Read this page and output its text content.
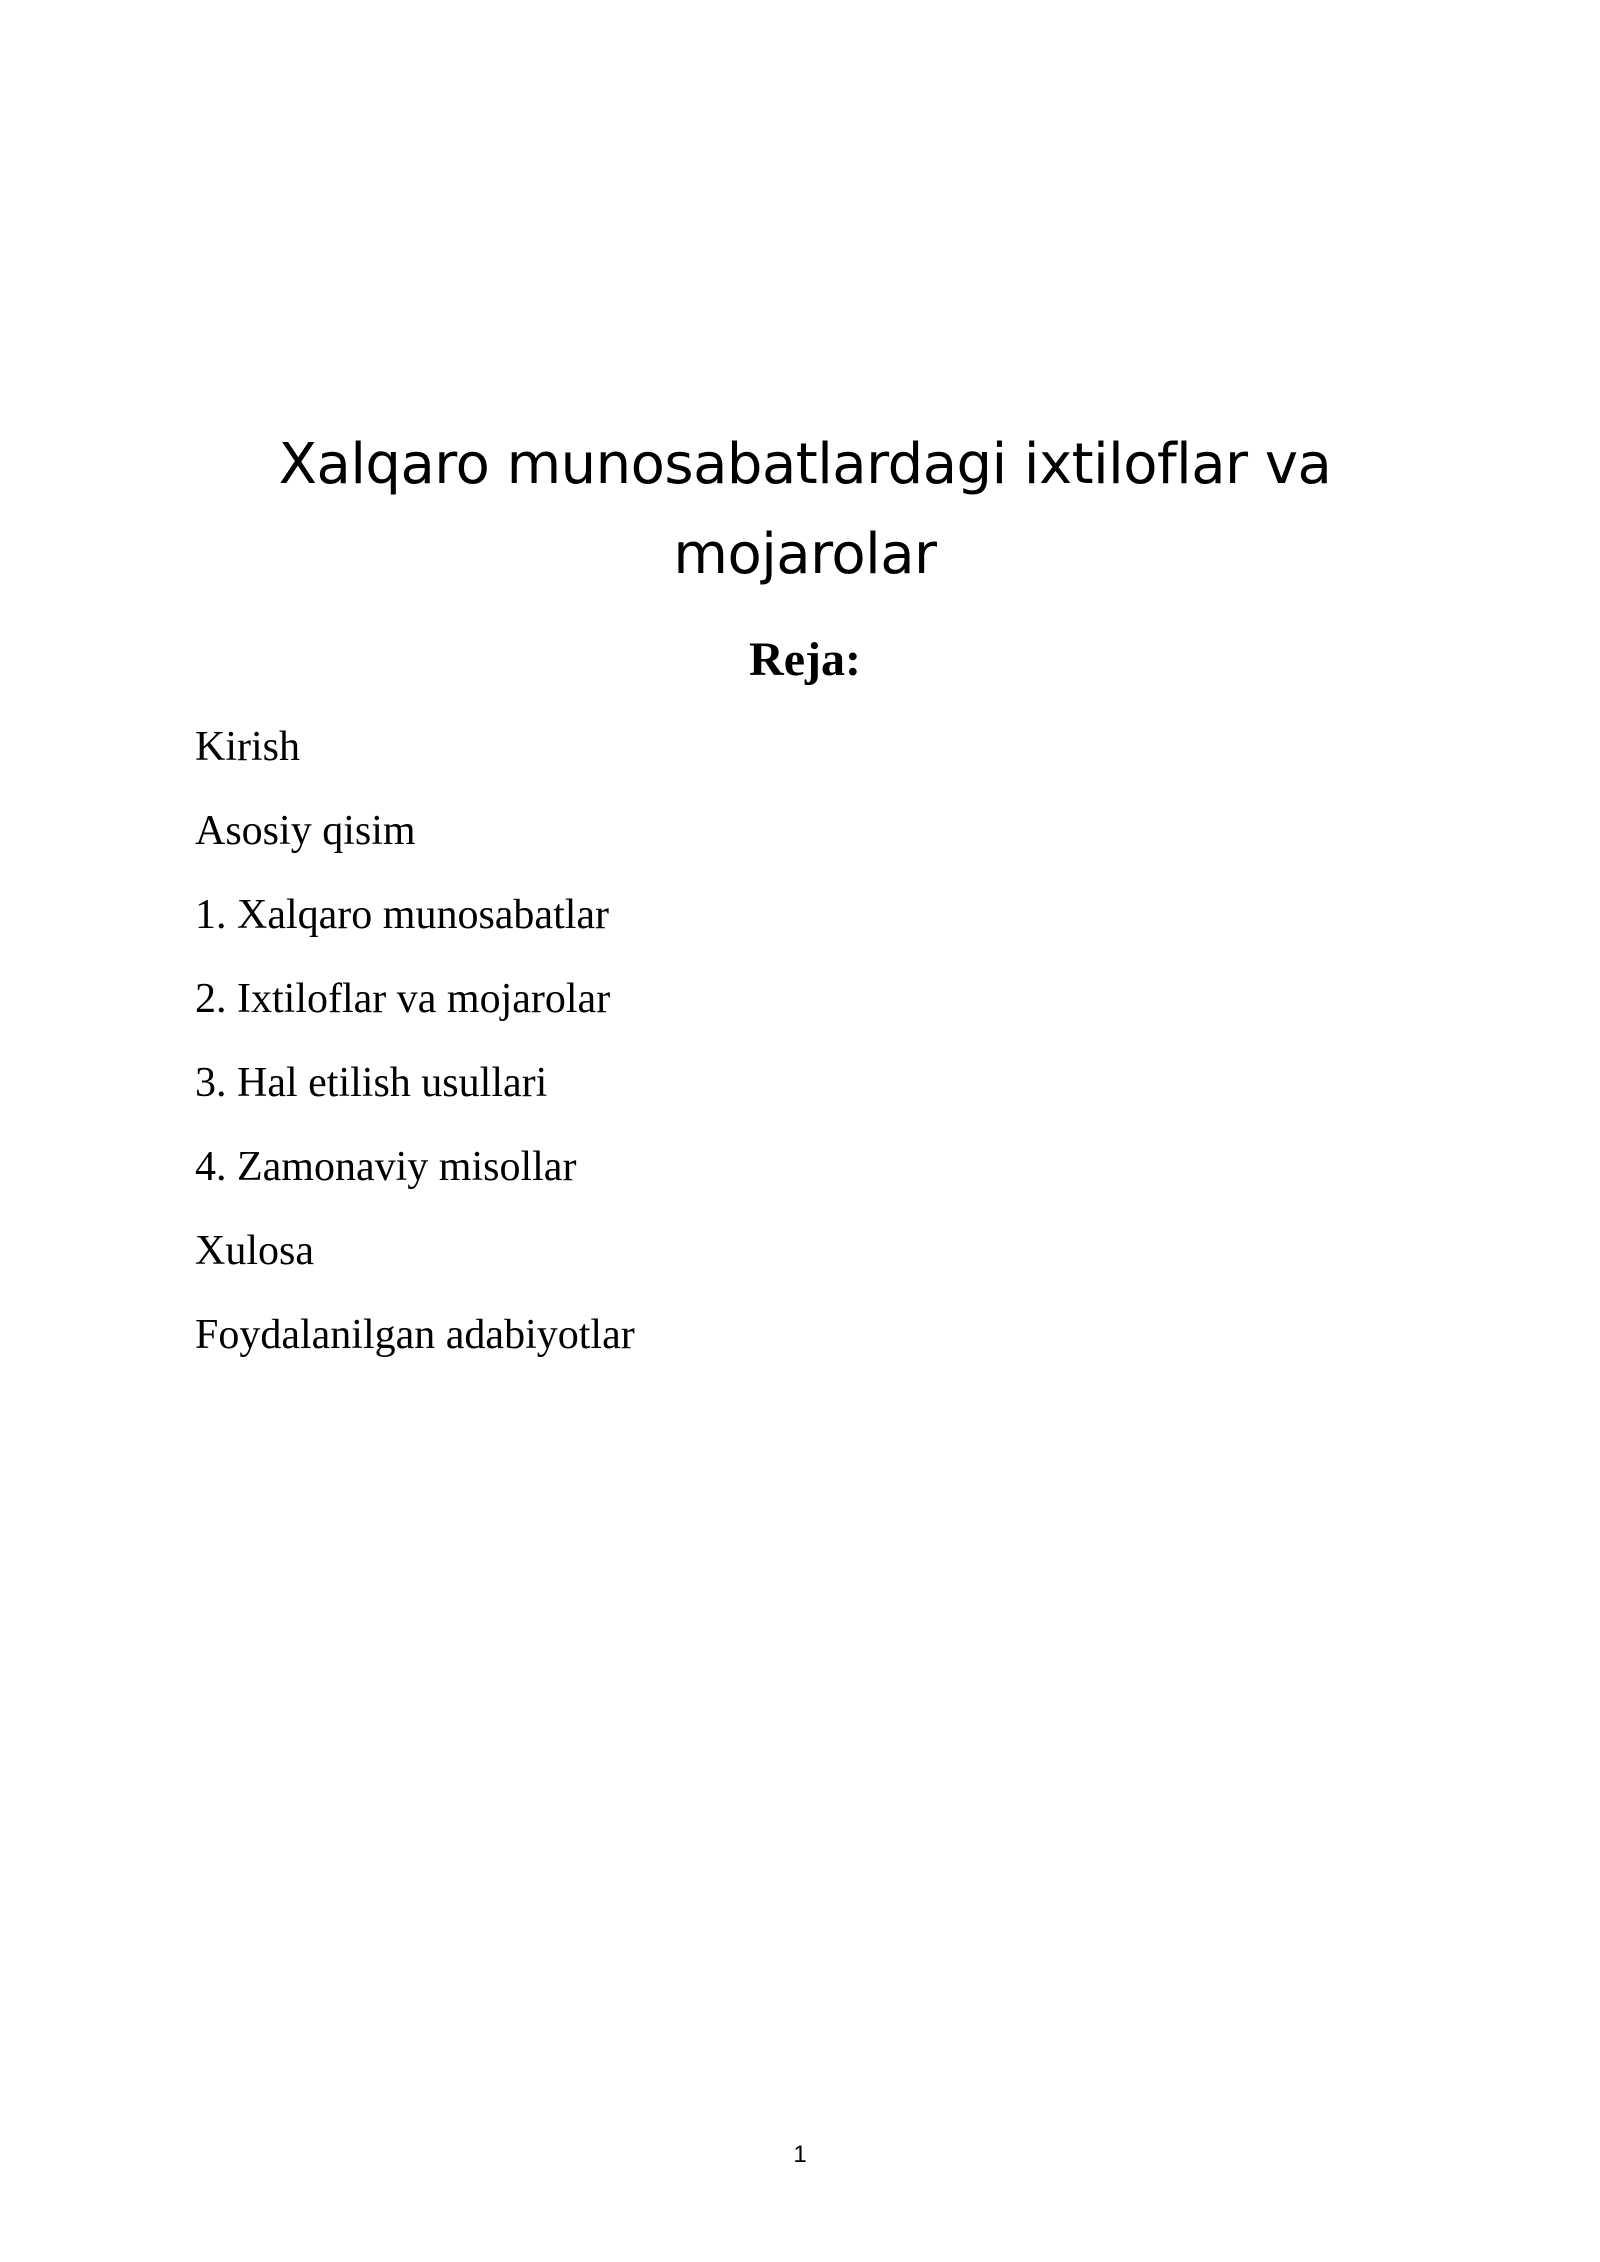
Xalqaro munosabatlardagi ixtiloflar va
mojarolar
Reja:
Kirish
Asosiy qisim
1. Xalqaro munosabatlar
2. Ixtiloflar va mojarolar
3. Hal etilish usullari
4. Zamonaviy misollar
Xulosa
Foydalanilgan adabiyotlar
1
